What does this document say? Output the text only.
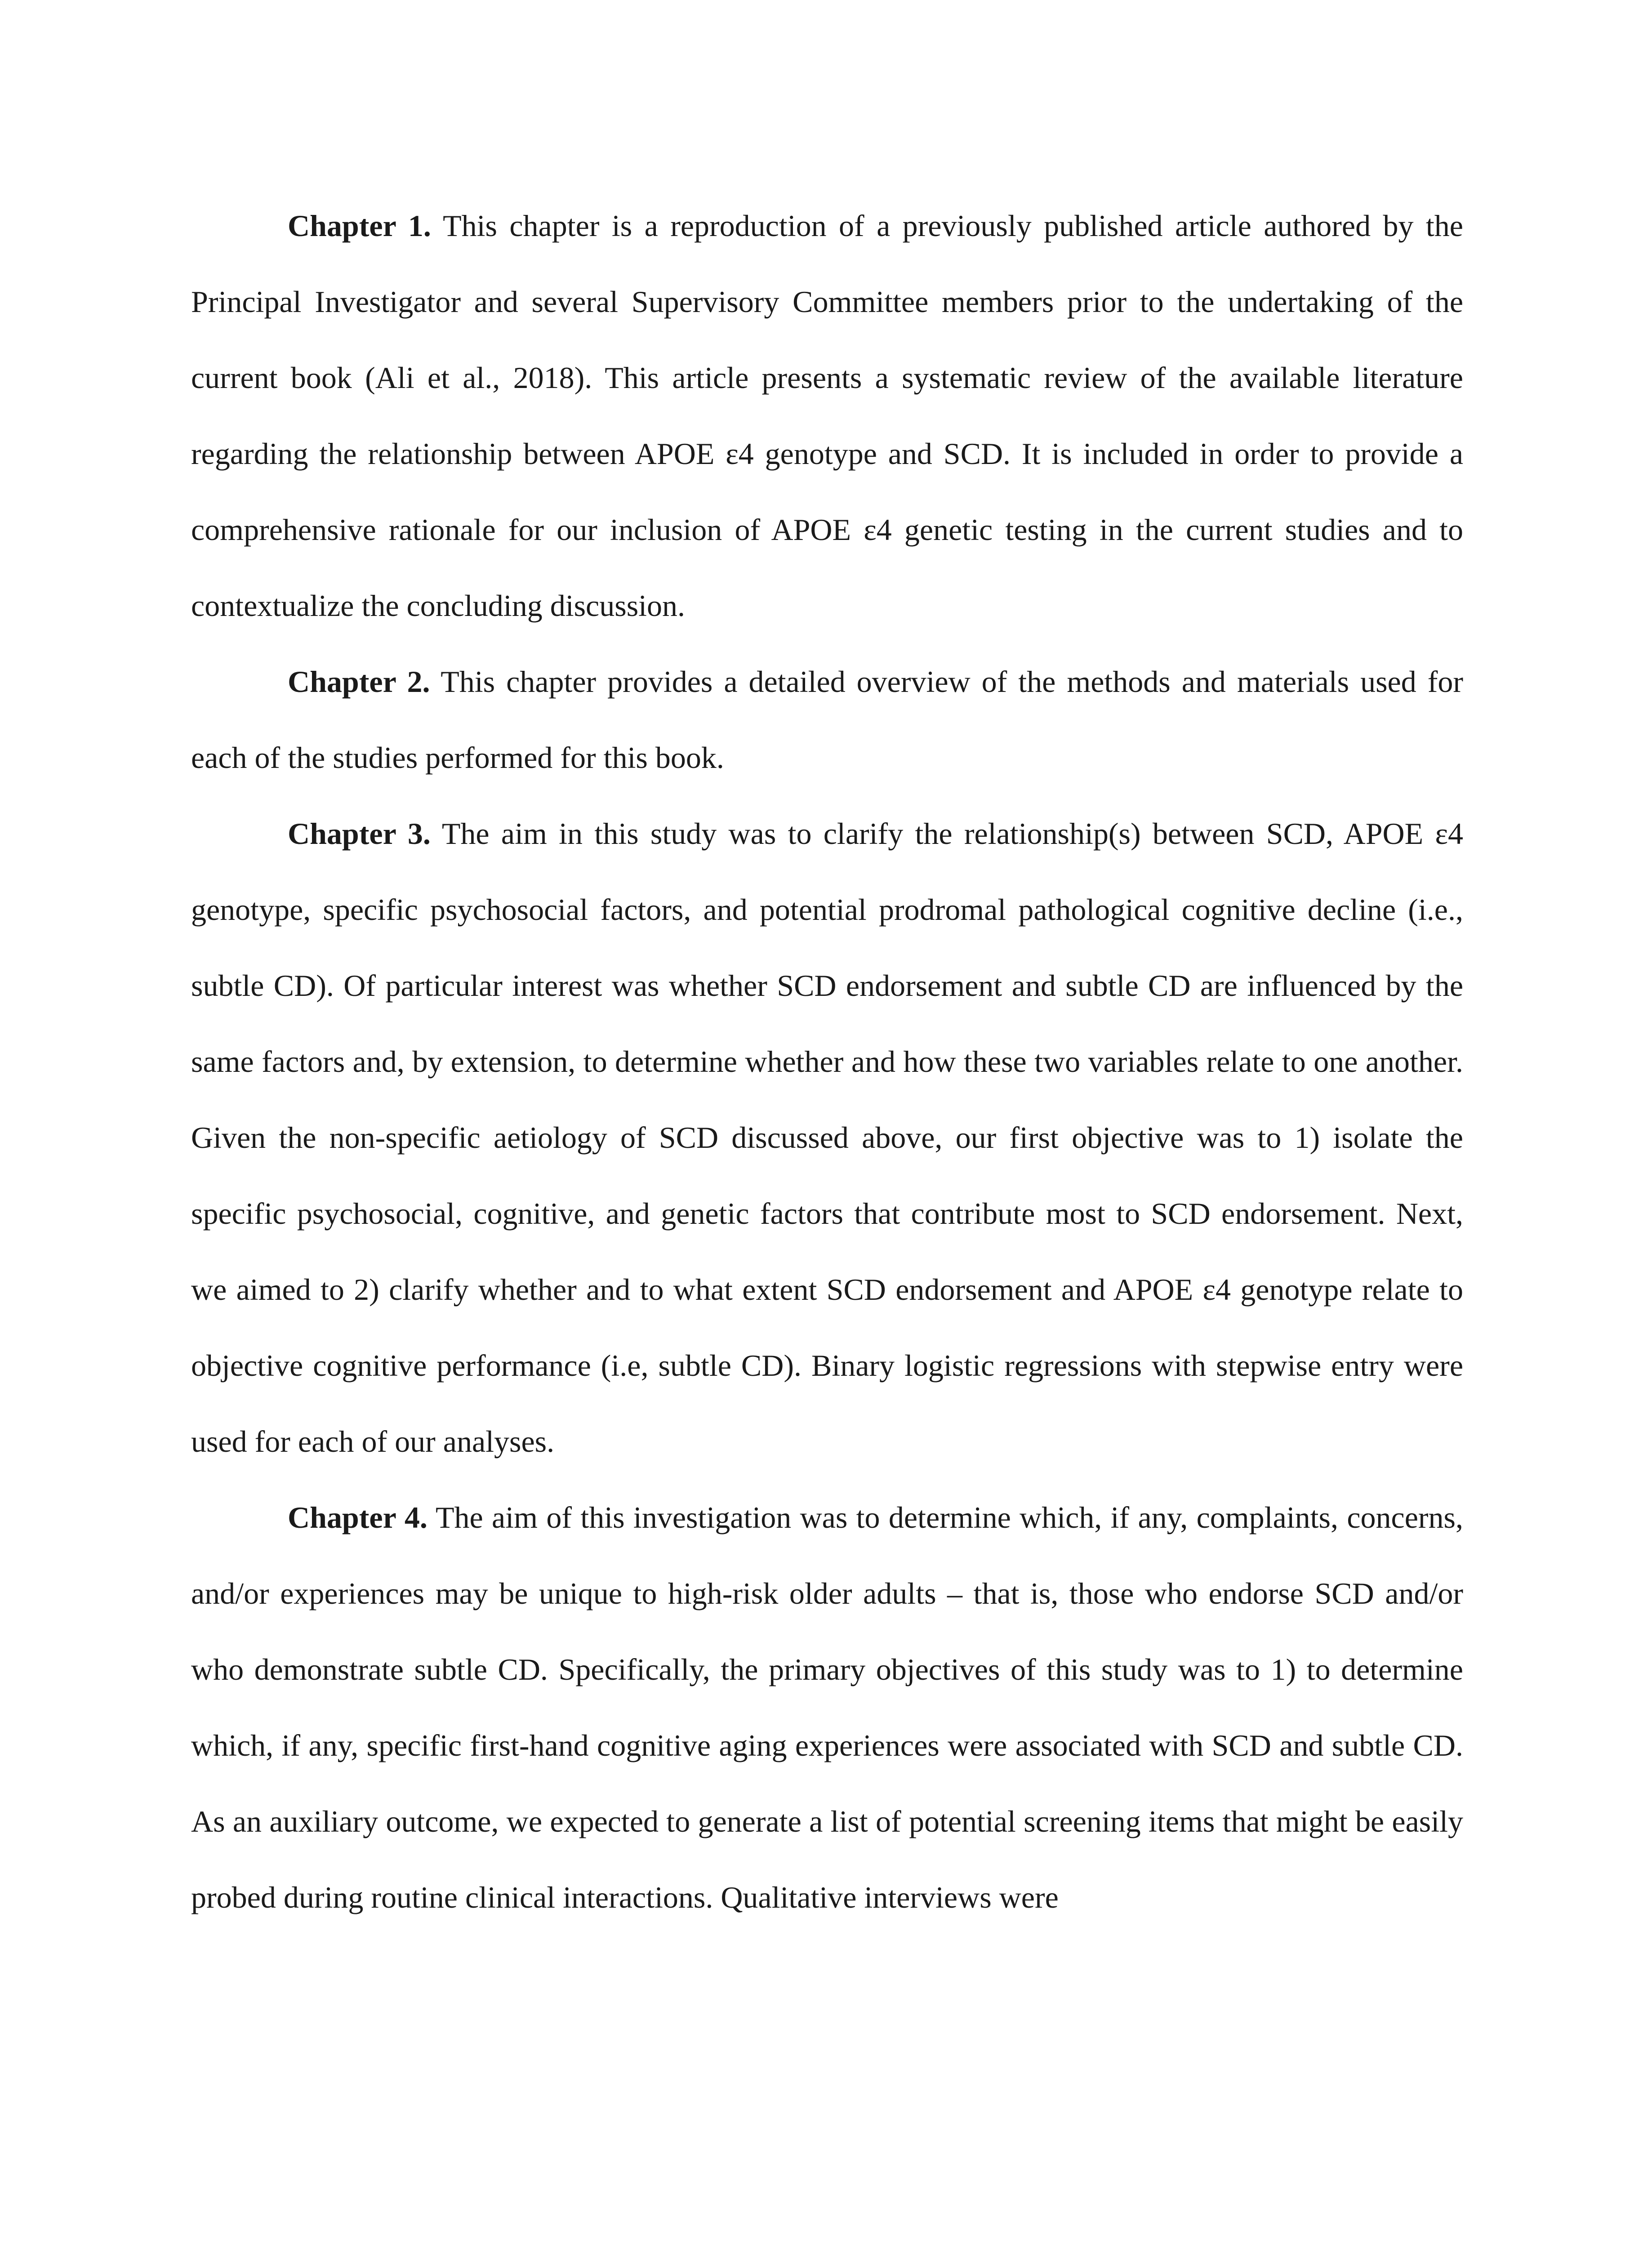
Chapter 1. This chapter is a reproduction of a previously published article authored by the Principal Investigator and several Supervisory Committee members prior to the undertaking of the current book (Ali et al., 2018). This article presents a systematic review of the available literature regarding the relationship between APOE ε4 genotype and SCD. It is included in order to provide a comprehensive rationale for our inclusion of APOE ε4 genetic testing in the current studies and to contextualize the concluding discussion.

Chapter 2. This chapter provides a detailed overview of the methods and materials used for each of the studies performed for this book.

Chapter 3. The aim in this study was to clarify the relationship(s) between SCD, APOE ε4 genotype, specific psychosocial factors, and potential prodromal pathological cognitive decline (i.e., subtle CD). Of particular interest was whether SCD endorsement and subtle CD are influenced by the same factors and, by extension, to determine whether and how these two variables relate to one another. Given the non-specific aetiology of SCD discussed above, our first objective was to 1) isolate the specific psychosocial, cognitive, and genetic factors that contribute most to SCD endorsement. Next, we aimed to 2) clarify whether and to what extent SCD endorsement and APOE ε4 genotype relate to objective cognitive performance (i.e, subtle CD). Binary logistic regressions with stepwise entry were used for each of our analyses.

Chapter 4. The aim of this investigation was to determine which, if any, complaints, concerns, and/or experiences may be unique to high-risk older adults – that is, those who endorse SCD and/or who demonstrate subtle CD. Specifically, the primary objectives of this study was to 1) to determine which, if any, specific first-hand cognitive aging experiences were associated with SCD and subtle CD. As an auxiliary outcome, we expected to generate a list of potential screening items that might be easily probed during routine clinical interactions. Qualitative interviews were
